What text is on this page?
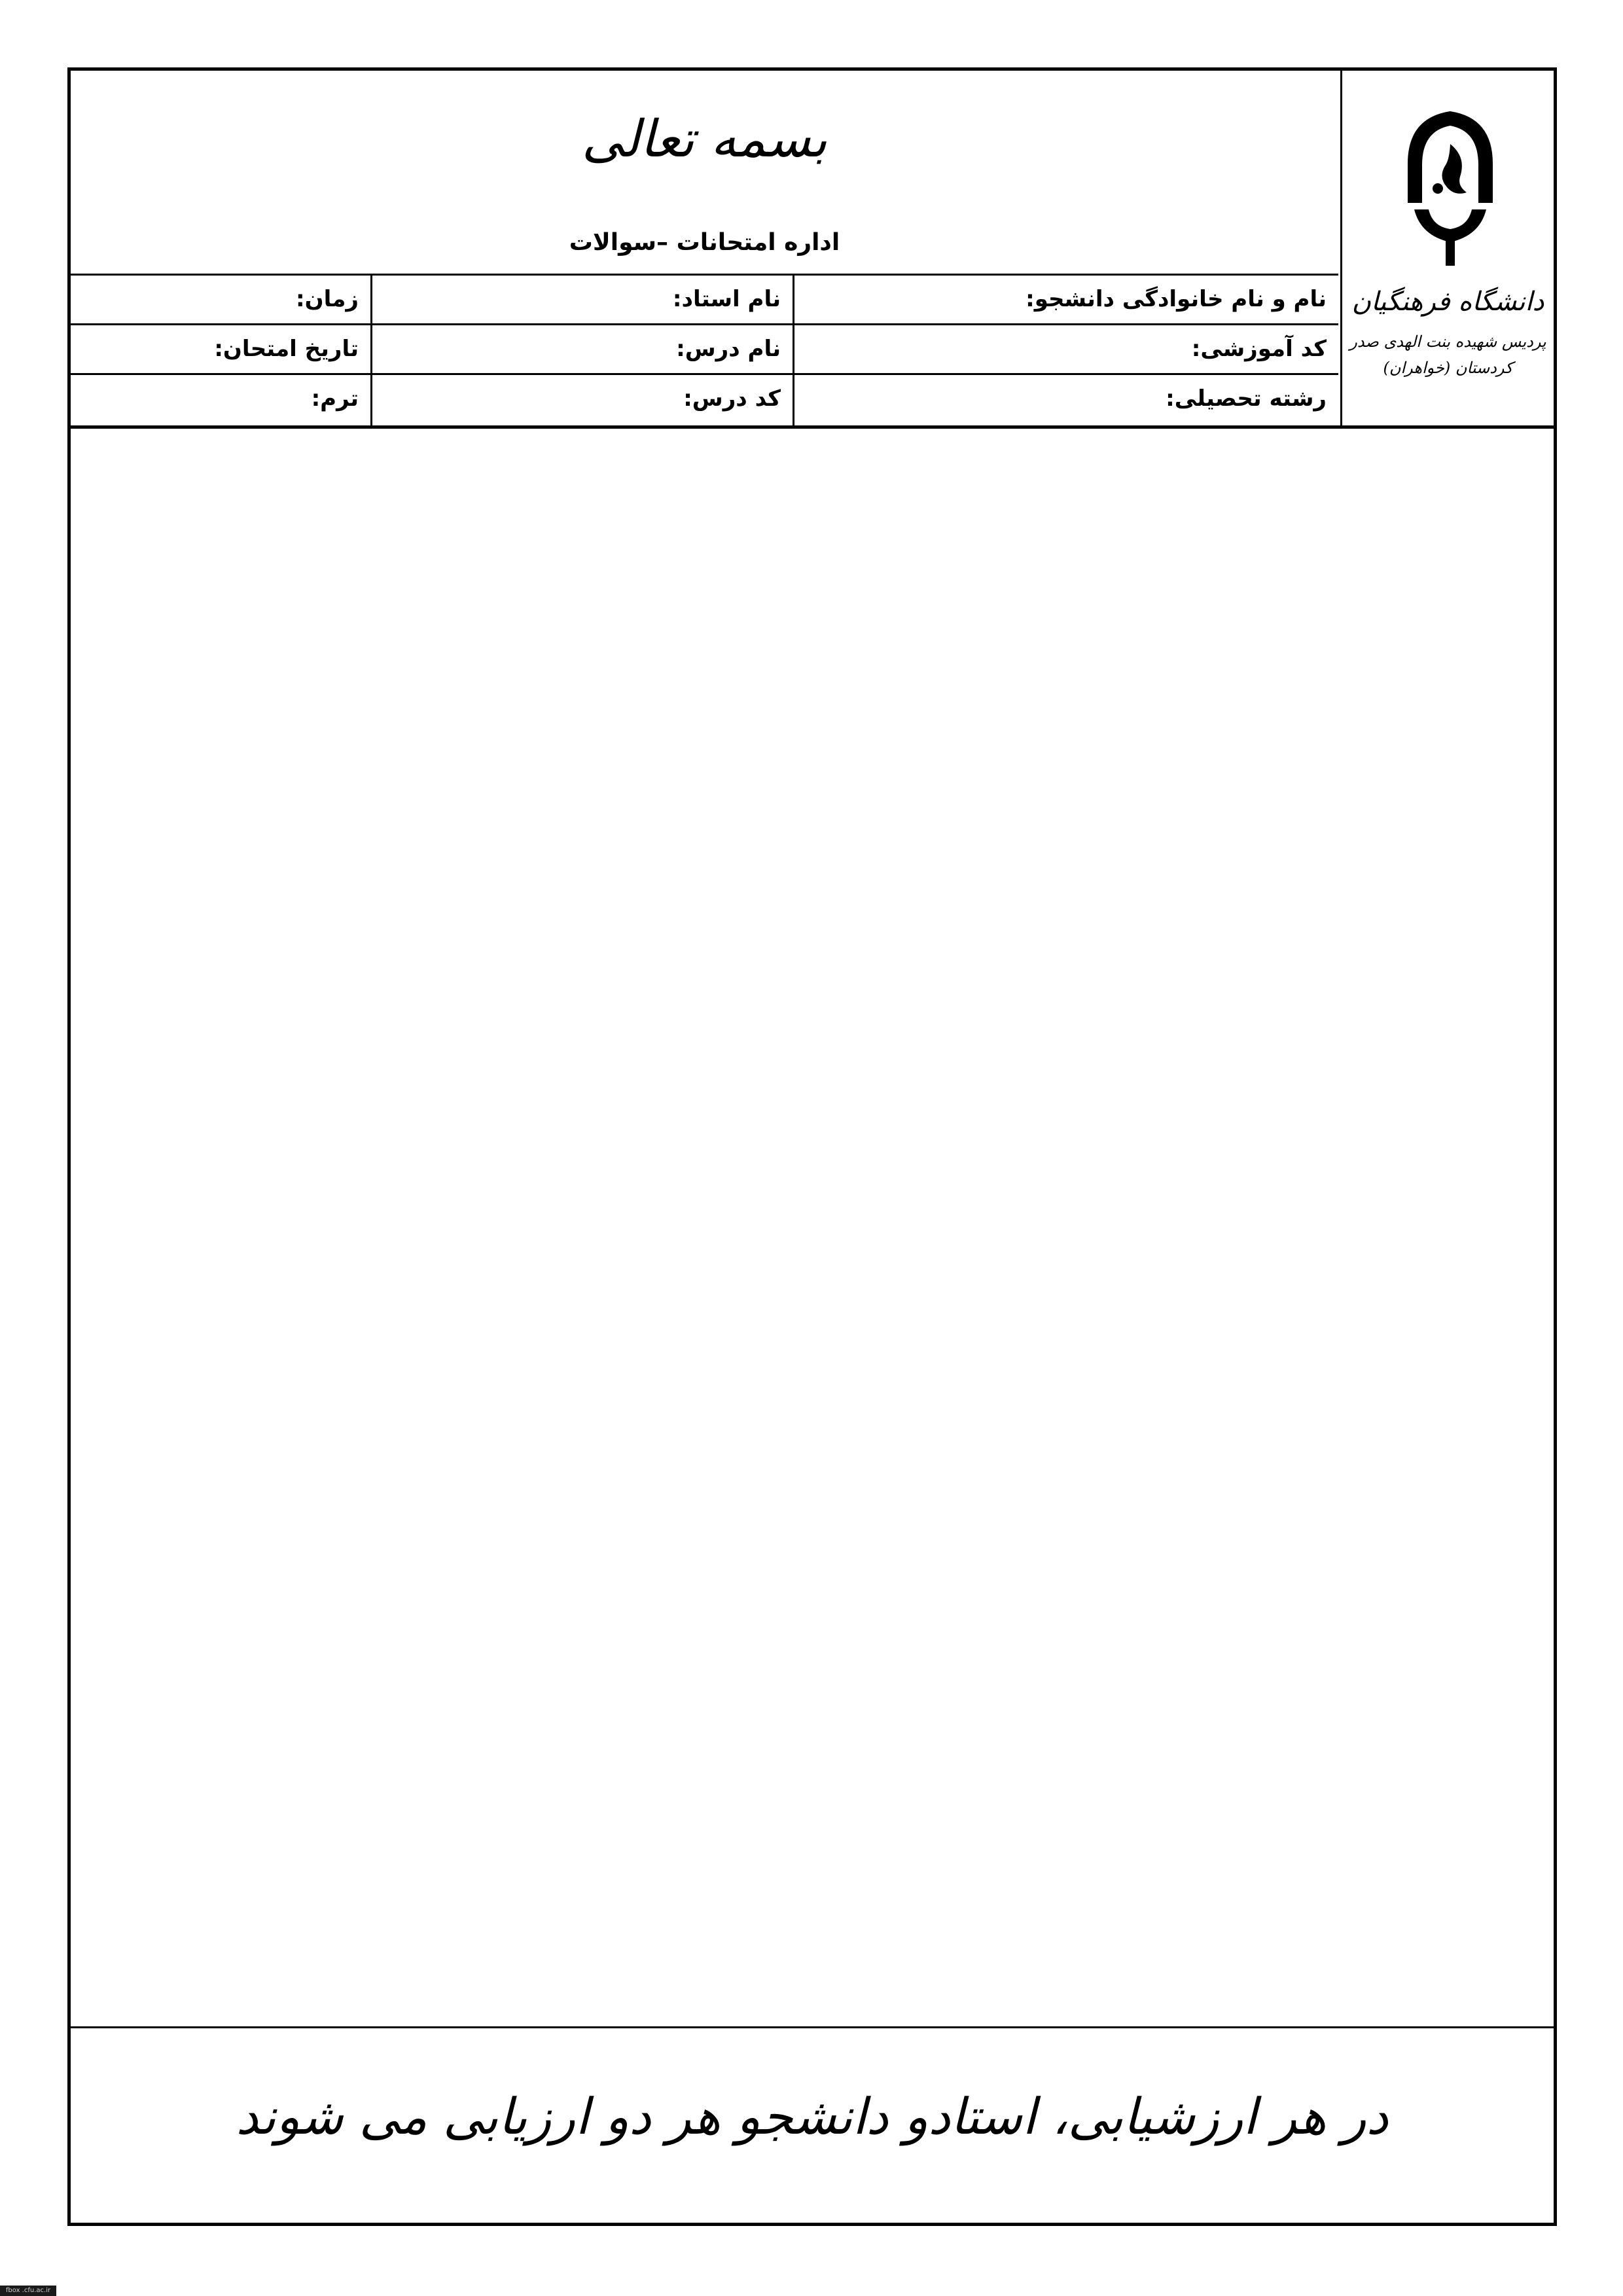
بسمه تعالی
اداره امتحانات –سوالات
نام و نام خانوادگی دانشجو:
نام استاد:
زمان:
کد آموزشی:
نام درس:
تاریخ امتحان:
رشته تحصیلی:
کد درس:
ترم:
دانشگاه فرهنگیان
پردیس شهیده بنت الهدی صدر
کردستان (خواهران)
در هر ارزشیابی، استادو دانشجو هر دو ارزیابی می شوند
fbox .cfu.ac.ir
